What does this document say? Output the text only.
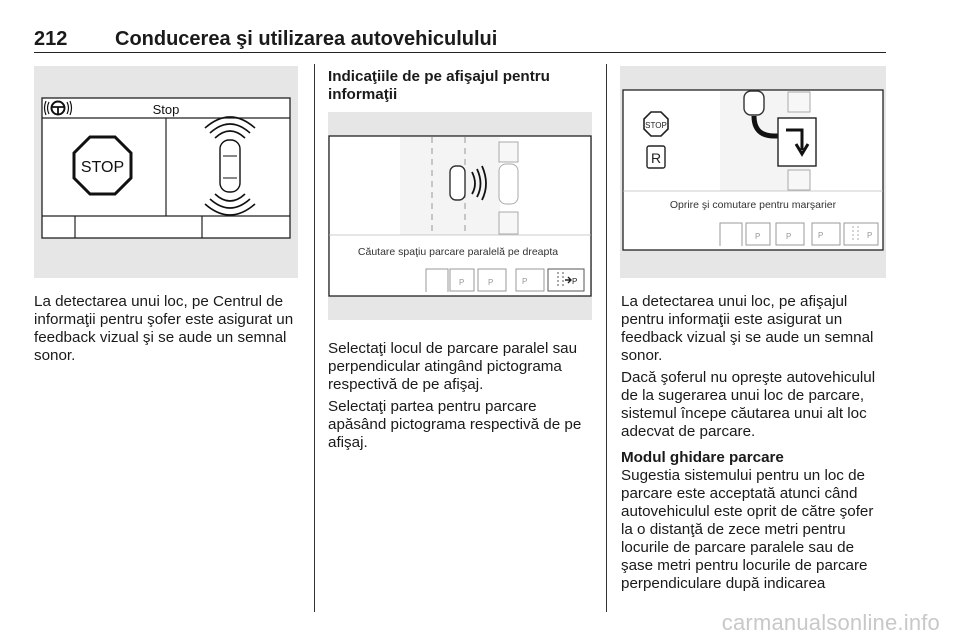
212 Conducerea şi utilizarea autovehiculului
Stop
STOP

La detectarea unui loc, pe Centrul de informaţii pentru şofer este asigurat un feedback vizual şi se aude un semnal sonor.

Indicaţiile de pe afişajul pentru informaţii

Căutare spaţiu parcare paralelă pe dreapta
P	P	P	P

Selectaţi locul de parcare paralel sau perpendicular atingând pictograma respectivă de pe afişaj.

Selectaţi partea pentru parcare apăsând pictograma respectivă de pe afişaj.

STOP
R
Oprire şi comutare pentru marşarier
P	P	P	P

La detectarea unui loc, pe afişajul pentru informaţii este asigurat un feedback vizual şi se aude un semnal sonor.

Dacă şoferul nu opreşte autovehiculul de la sugerarea unui loc de parcare, sistemul începe căutarea unui alt loc adecvat de parcare.

Modul ghidare parcare

Sugestia sistemului pentru un loc de parcare este acceptată atunci când autovehiculul este oprit de către şofer la o distanţă de zece metri pentru locurile de parcare paralele sau de şase metri pentru locurile de parcare perpendiculare după indicarea

carmanualsonline.info
